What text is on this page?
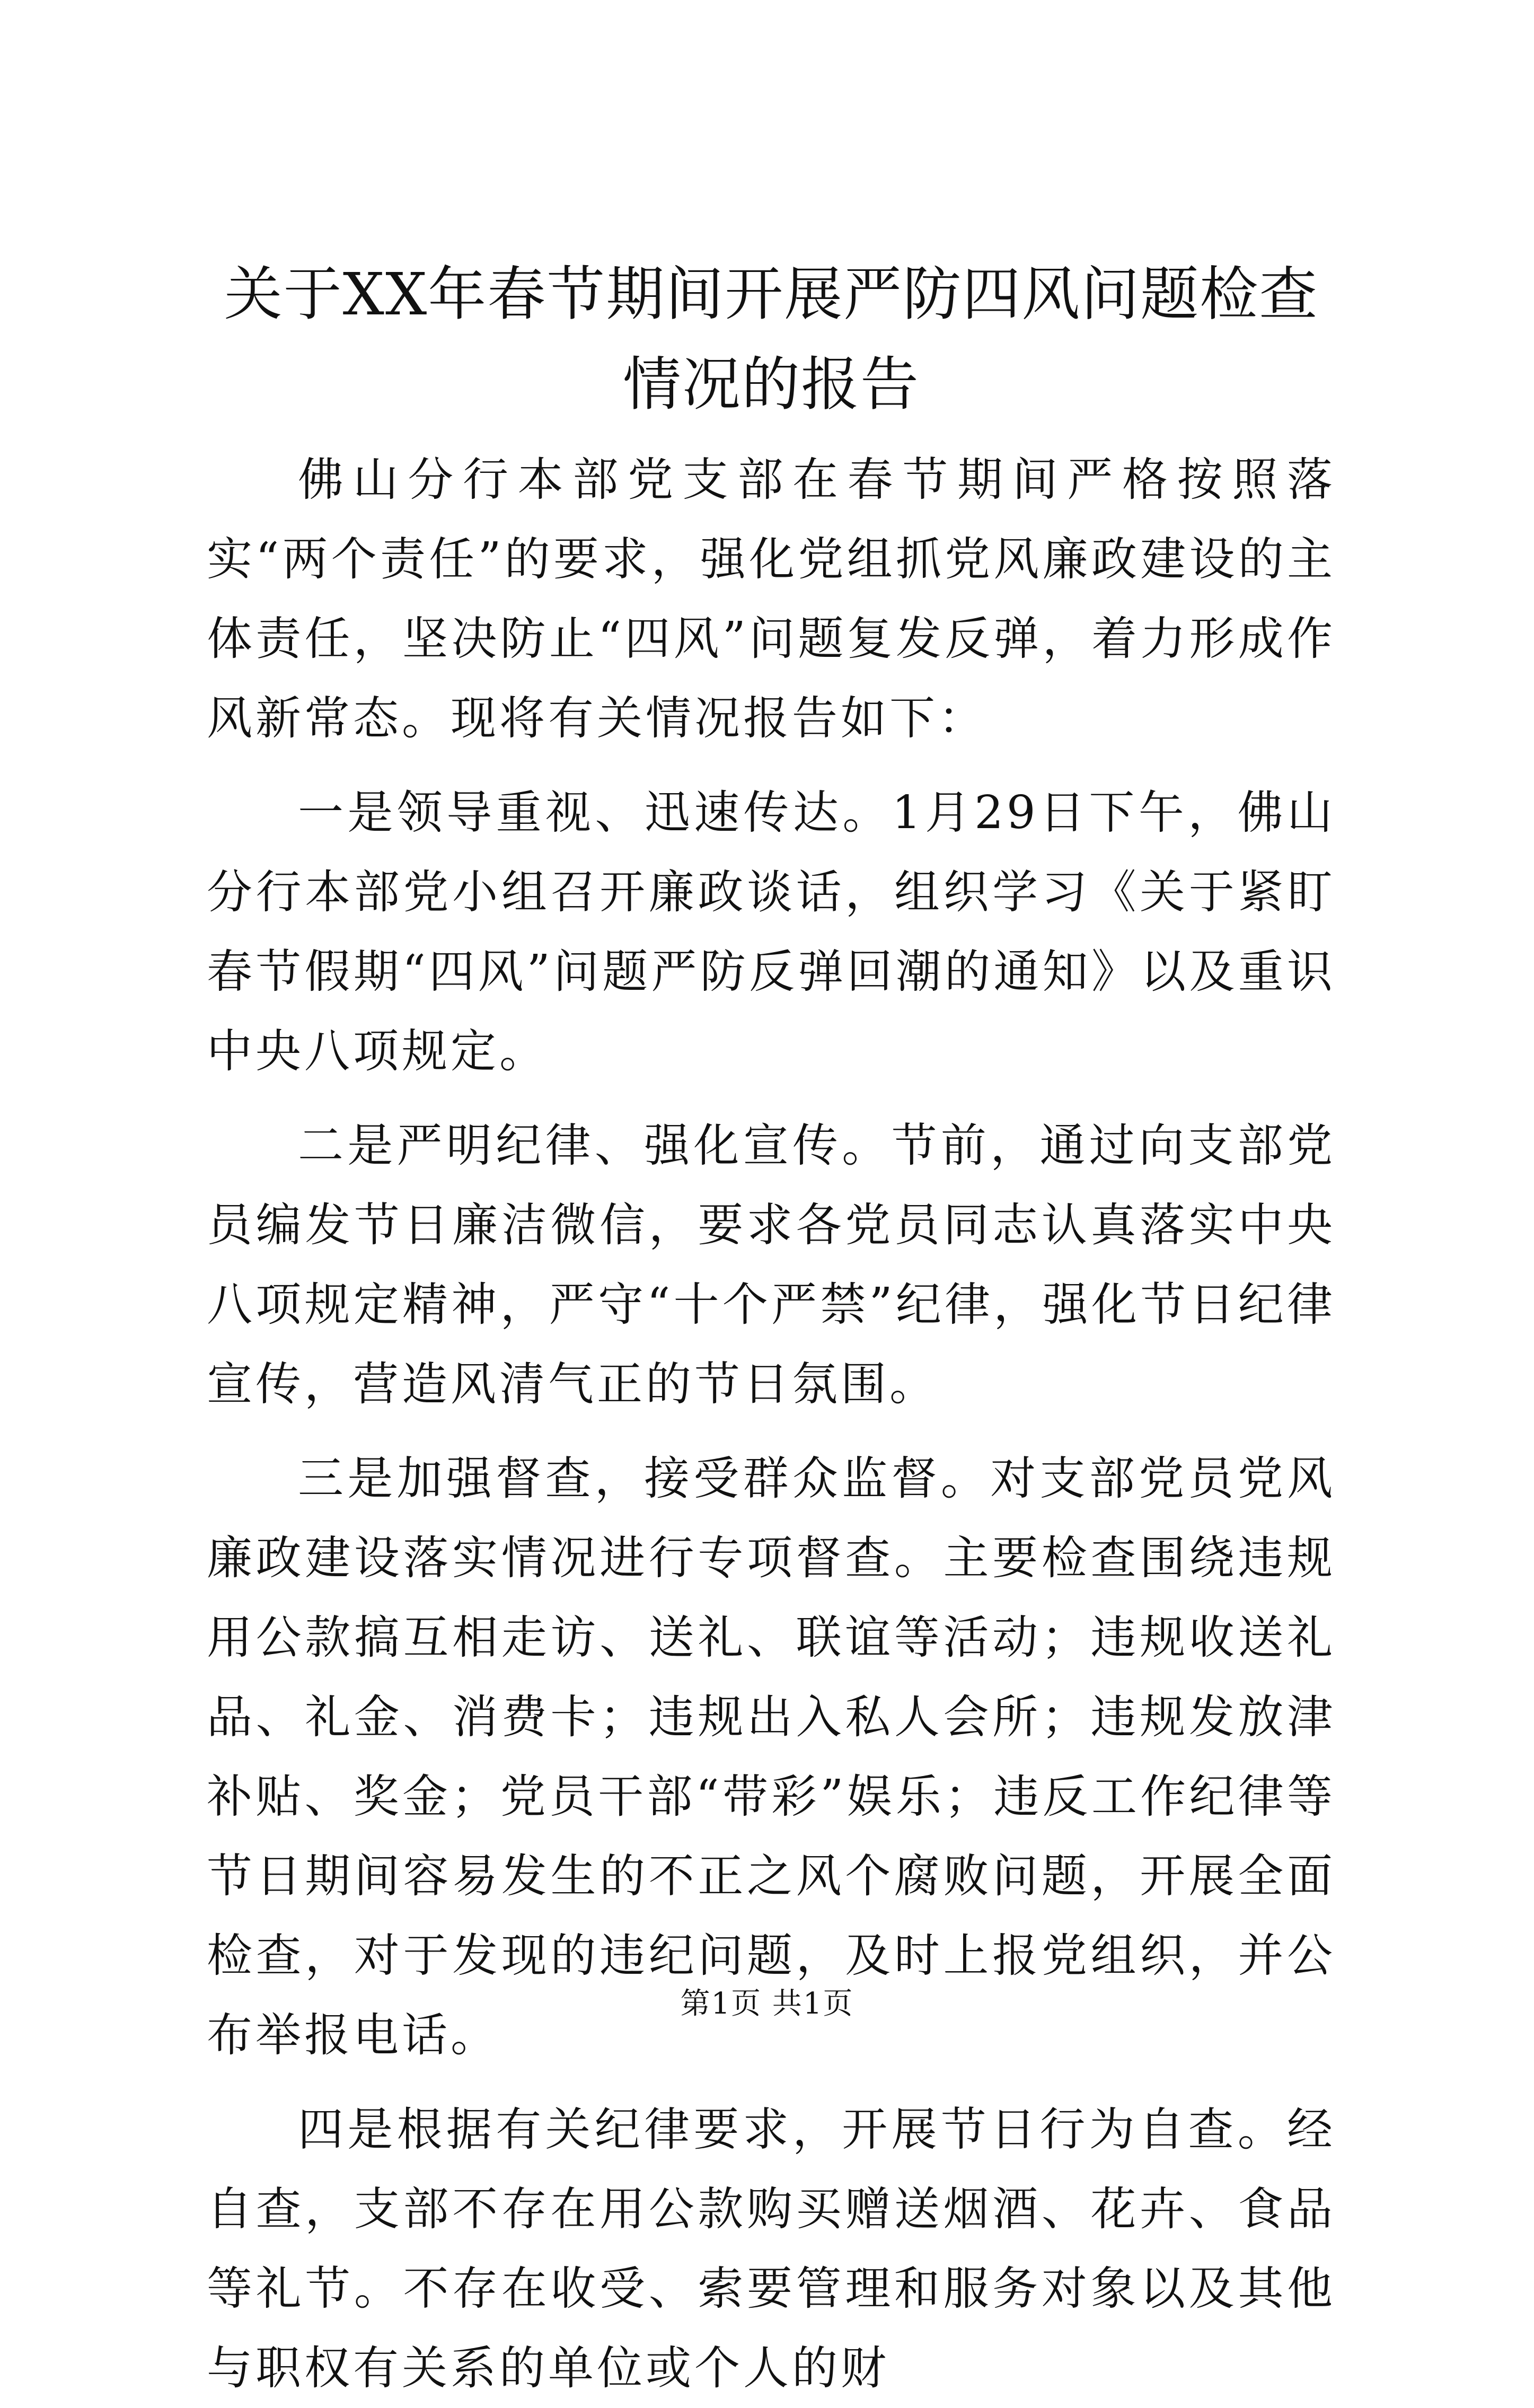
关于XX年春节期间开展严防四风问题检查情况的报告

佛山分行本部党支部在春节期间严格按照落实“两个责任”的要求，强化党组抓党风廉政建设的主体责任，坚决防止“四风”问题复发反弹，着力形成作风新常态。现将有关情况报告如下：

一是领导重视、迅速传达。1月29日下午，佛山分行本部党小组召开廉政谈话，组织学习《关于紧盯春节假期“四风”问题严防反弹回潮的通知》以及重识中央八项规定。

二是严明纪律、强化宣传。节前，通过向支部党员编发节日廉洁微信，要求各党员同志认真落实中央八项规定精神，严守“十个严禁”纪律，强化节日纪律宣传，营造风清气正的节日氛围。

三是加强督查，接受群众监督。对支部党员党风廉政建设落实情况进行专项督查。主要检查围绕违规用公款搞互相走访、送礼、联谊等活动；违规收送礼品、礼金、消费卡；违规出入私人会所；违规发放津补贴、奖金；党员干部“带彩”娱乐；违反工作纪律等节日期间容易发生的不正之风个腐败问题，开展全面检查，对于发现的违纪问题，及时上报党组织，并公布举报电话。

四是根据有关纪律要求，开展节日行为自查。经自查，支部不存在用公款购买赠送烟酒、花卉、食品等礼节。不存在收受、索要管理和服务对象以及其他与职权有关系的单位或个人的财

第1页 共1页
